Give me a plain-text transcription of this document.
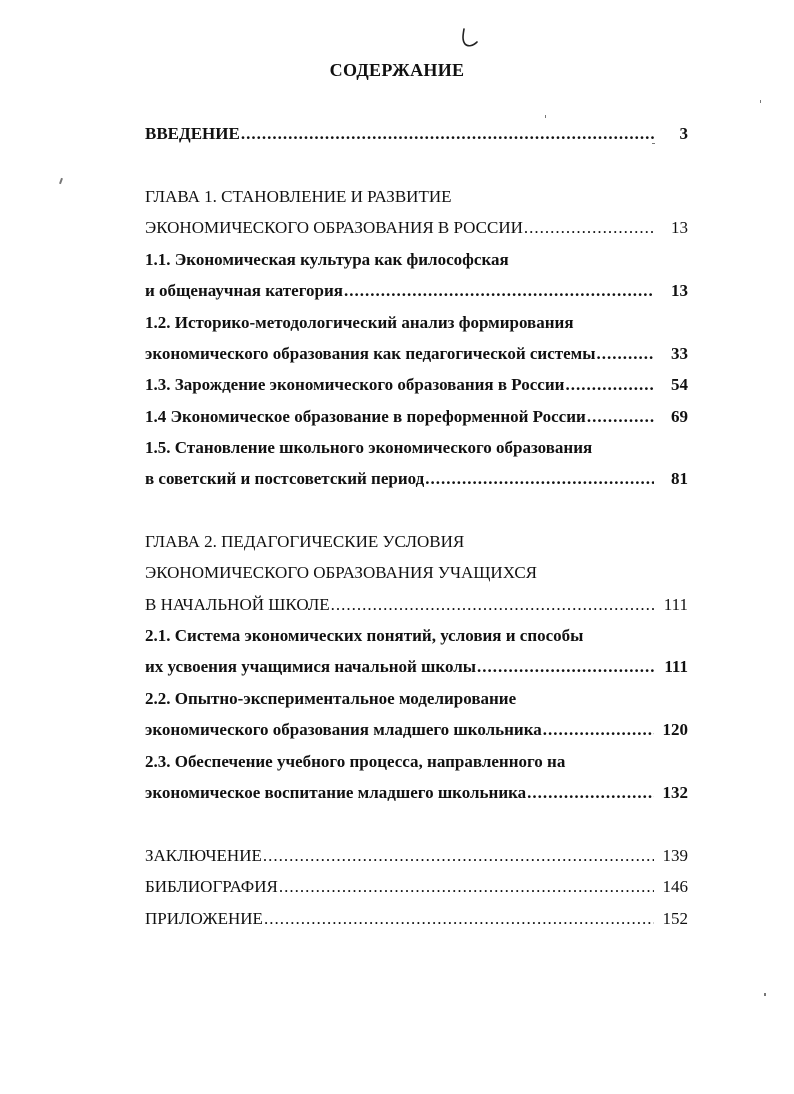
СОДЕРЖАНИЕ
ВВЕДЕНИЕ .....	3
ГЛАВА 1. СТАНОВЛЕНИЕ И РАЗВИТИЕ
ЭКОНОМИЧЕСКОГО ОБРАЗОВАНИЯ В РОССИИ .....	13
1.1. Экономическая культура как философская
и общенаучная категория .....	13
1.2. Историко-методологический анализ формирования
экономического образования как педагогической системы .....	33
1.3. Зарождение экономического образования в России .....	54
1.4 Экономическое образование в пореформенной России .....	69
1.5. Становление школьного экономического образования
в советский и постсоветский период .....	81
ГЛАВА 2. ПЕДАГОГИЧЕСКИЕ УСЛОВИЯ
ЭКОНОМИЧЕСКОГО ОБРАЗОВАНИЯ УЧАЩИХСЯ
В НАЧАЛЬНОЙ ШКОЛЕ .....	111
2.1. Система экономических понятий, условия и способы
их усвоения учащимися начальной школы .....	111
2.2. Опытно-экспериментальное моделирование
экономического образования младшего школьника .....	120
2.3. Обеспечение учебного процесса, направленного на
экономическое воспитание младшего школьника .....	132
ЗАКЛЮЧЕНИЕ .....	139
БИБЛИОГРАФИЯ .....	146
ПРИЛОЖЕНИЕ .....	152
